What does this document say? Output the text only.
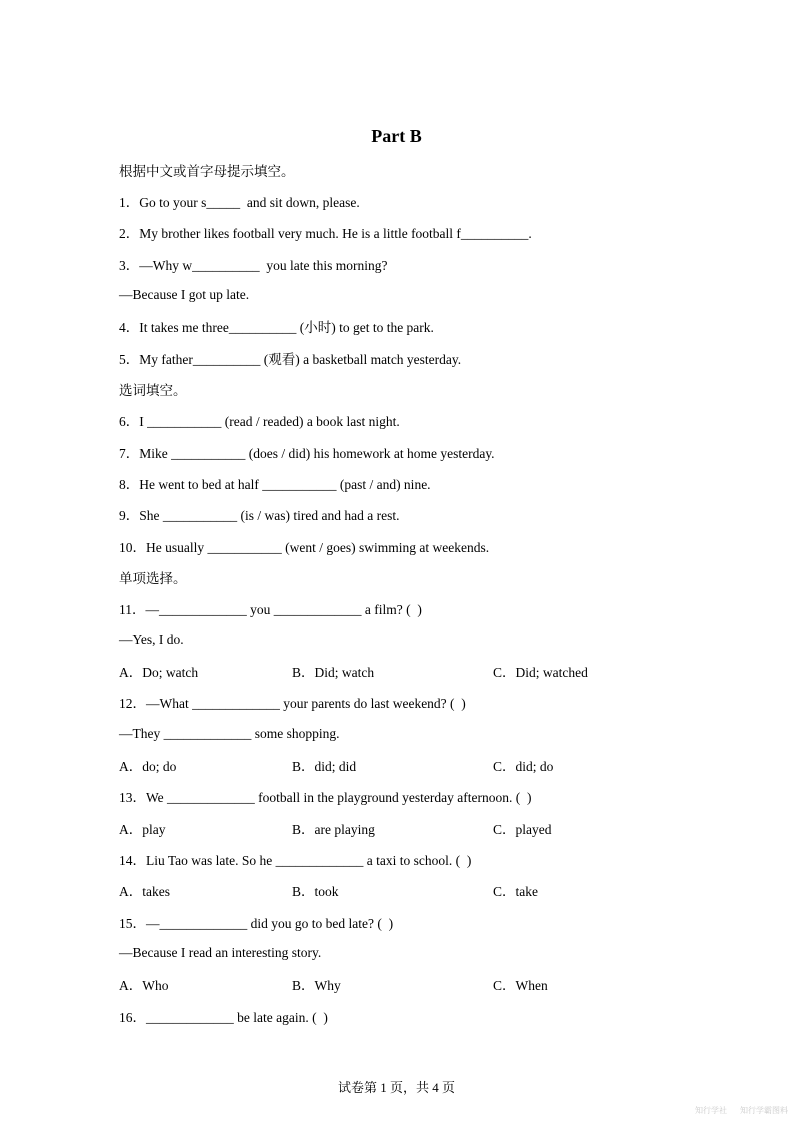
Part B
根据中文或首字母提示填空。
1．Go to your s_____  and sit down, please.
2．My brother likes football very much. He is a little football f__________.
3．—Why w__________  you late this morning?
—Because I got up late.
4．It takes me three__________ (小时) to get to the park.
5．My father__________ (观看) a basketball match yesterday.
选词填空。
6．I ___________ (read / readed) a book last night.
7．Mike ___________ (does / did) his homework at home yesterday.
8．He went to bed at half ___________ (past / and) nine.
9．She ___________ (is / was) tired and had a rest.
10．He usually ___________ (went / goes) swimming at weekends.
单项选择。
11．—_____________ you _____________ a film? (  )
—Yes, I do.
A．Do; watch	B．Did; watch	C．Did; watched
12．—What _____________ your parents do last weekend? (  )
—They _____________ some shopping.
A．do; do	B．did; did	C．did; do
13．We _____________ football in the playground yesterday afternoon. (  )
A．play	B．are playing	C．played
14．Liu Tao was late. So he _____________ a taxi to school. (  )
A．takes	B．took	C．take
15．—_____________ did you go to bed late? (  )
—Because I read an interesting story.
A．Who	B．Why	C．When
16．_____________ be late again. (  )
试卷第 1 页，共 4 页
知行学社 知行学霸图料
